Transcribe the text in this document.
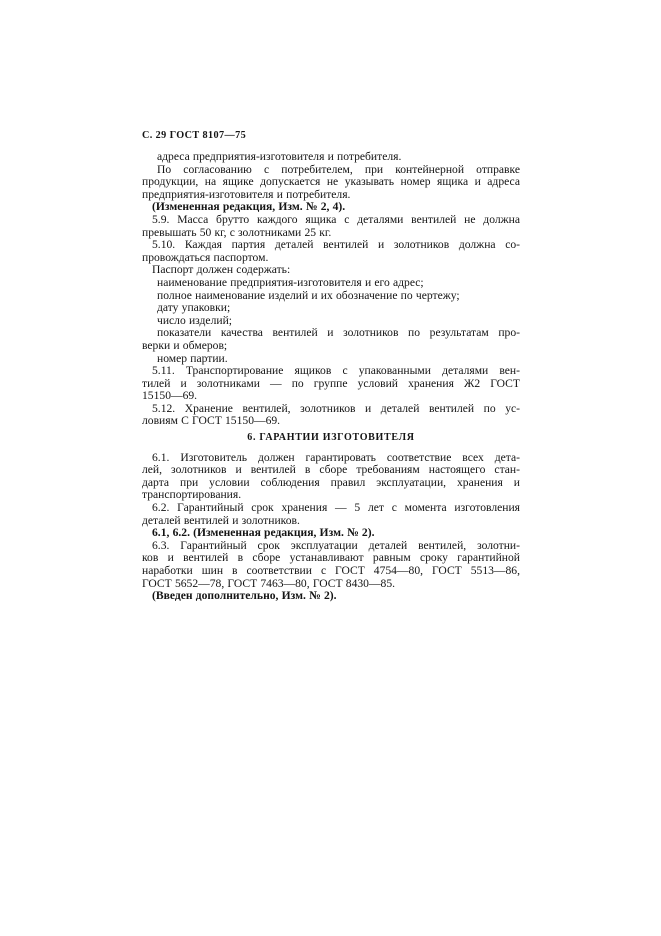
С. 29 ГОСТ 8107—75
адреса предприятия-изготовителя и потребителя.
По согласованию с потребителем, при контейнерной отправке
продукции, на ящике допускается не указывать номер ящика и адреса
предприятия-изготовителя и потребителя.
(Измененная редакция, Изм. № 2, 4).
5.9. Масса брутто каждого ящика с деталями вентилей не должна
превышать 50 кг, с золотниками 25 кг.
5.10. Каждая партия деталей вентилей и золотников должна со-
провождаться паспортом.
Паспорт должен содержать:
наименование предприятия-изготовителя и его адрес;
полное наименование изделий и их обозначение по чертежу;
дату упаковки;
число изделий;
показатели качества вентилей и золотников по результатам про-
верки и обмеров;
номер партии.
5.11. Транспортирование ящиков с упакованными деталями вен-
тилей и золотниками — по группе условий хранения Ж2 ГОСТ
15150—69.
5.12. Хранение вентилей, золотников и деталей вентилей по ус-
ловиям С ГОСТ 15150—69.
6. ГАРАНТИИ ИЗГОТОВИТЕЛЯ
6.1. Изготовитель должен гарантировать соответствие всех дета-
лей, золотников и вентилей в сборе требованиям настоящего стан-
дарта при условии соблюдения правил эксплуатации, хранения и
транспортирования.
6.2. Гарантийный срок хранения — 5 лет с момента изготовления
деталей вентилей и золотников.
6.1, 6.2. (Измененная редакция, Изм. № 2).
6.3. Гарантийный срок эксплуатации деталей вентилей, золотни-
ков и вентилей в сборе устанавливают равным сроку гарантийной
наработки шин в соответствии с ГОСТ 4754—80, ГОСТ 5513—86,
ГОСТ 5652—78, ГОСТ 7463—80, ГОСТ 8430—85.
(Введен дополнительно, Изм. № 2).
